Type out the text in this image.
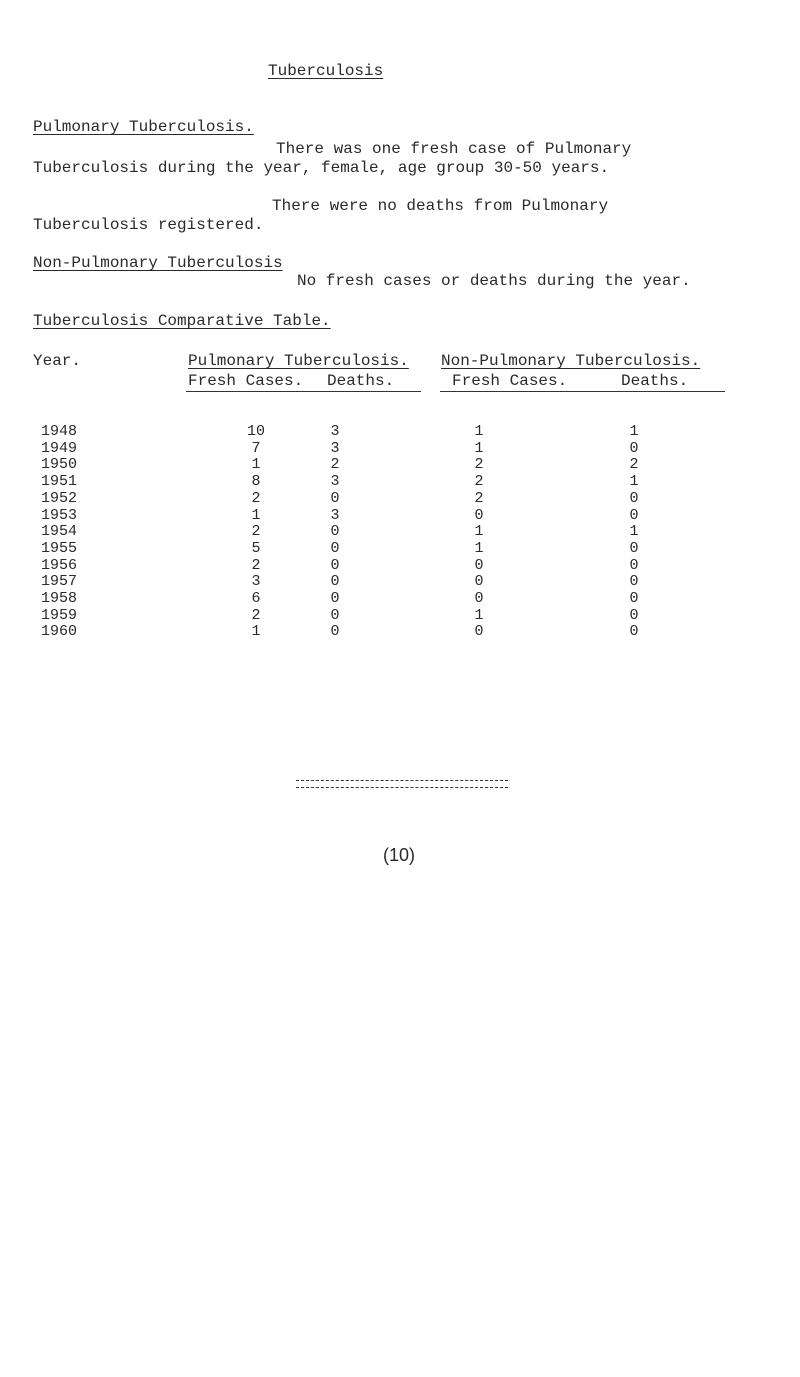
Tuberculosis
Pulmonary Tuberculosis.
There was one fresh case of Pulmonary
Tuberculosis during the year, female, age group 30-50 years.
There were no deaths from Pulmonary
Tuberculosis registered.
Non-Pulmonary Tuberculosis
No fresh cases or deaths during the year.
Tuberculosis Comparative Table.
Year.	Pulmonary Tuberculosis. Non-Pulmonary Tuberculosis.
Fresh Cases. Deaths.	Fresh Cases.	Deaths.
1948	10	3	1	1
1949	7	3	1	0
1950	1	2	2	2
1951	8	3	2	1
1952	2	0	2	0
1953	1	3	0	0
1954	2	0	1	1
1955	5	0	1	0
1956	2	0	0	0
1957	3	0	0	0
1958	6	0	0	0
1959	2	0	1	0
1960	1	0	0	0
(10)
